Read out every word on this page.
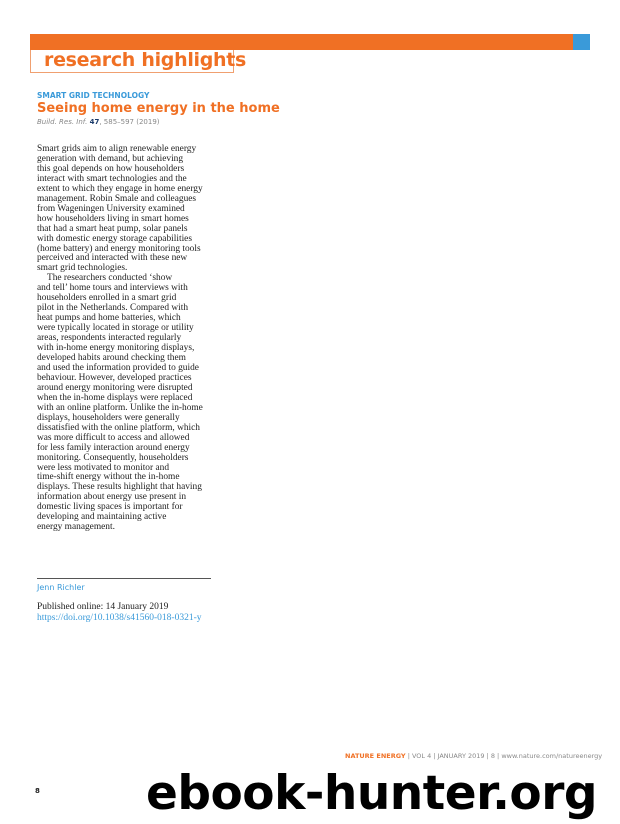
research highlights
SMART GRID TECHNOLOGY
Seeing home energy in the home
Build. Res. Inf. 47, 585–597 (2019)
Smart grids aim to align renewable energy
generation with demand, but achieving
this goal depends on how householders
interact with smart technologies and the
extent to which they engage in home energy
management. Robin Smale and colleagues
from Wageningen University examined
how householders living in smart homes
that had a smart heat pump, solar panels
with domestic energy storage capabilities
(home battery) and energy monitoring tools
perceived and interacted with these new
smart grid technologies.
The researchers conducted ‘show
and tell’ home tours and interviews with
householders enrolled in a smart grid
pilot in the Netherlands. Compared with
heat pumps and home batteries, which
were typically located in storage or utility
areas, respondents interacted regularly
with in-home energy monitoring displays,
developed habits around checking them
and used the information provided to guide
behaviour. However, developed practices
around energy monitoring were disrupted
when the in-home displays were replaced
with an online platform. Unlike the in-home
displays, householders were generally
dissatisfied with the online platform, which
was more difficult to access and allowed
for less family interaction around energy
monitoring. Consequently, householders
were less motivated to monitor and
time-shift energy without the in-home
displays. These results highlight that having
information about energy use present in
domestic living spaces is important for
developing and maintaining active
energy management.
Jenn Richler
Published online: 14 January 2019
https://doi.org/10.1038/s41560-018-0321-y
8
NATURE ENERGY | VOL 4 | JANUARY 2019 | 8 | www.nature.com/natureenergy
ebook-hunter.org
